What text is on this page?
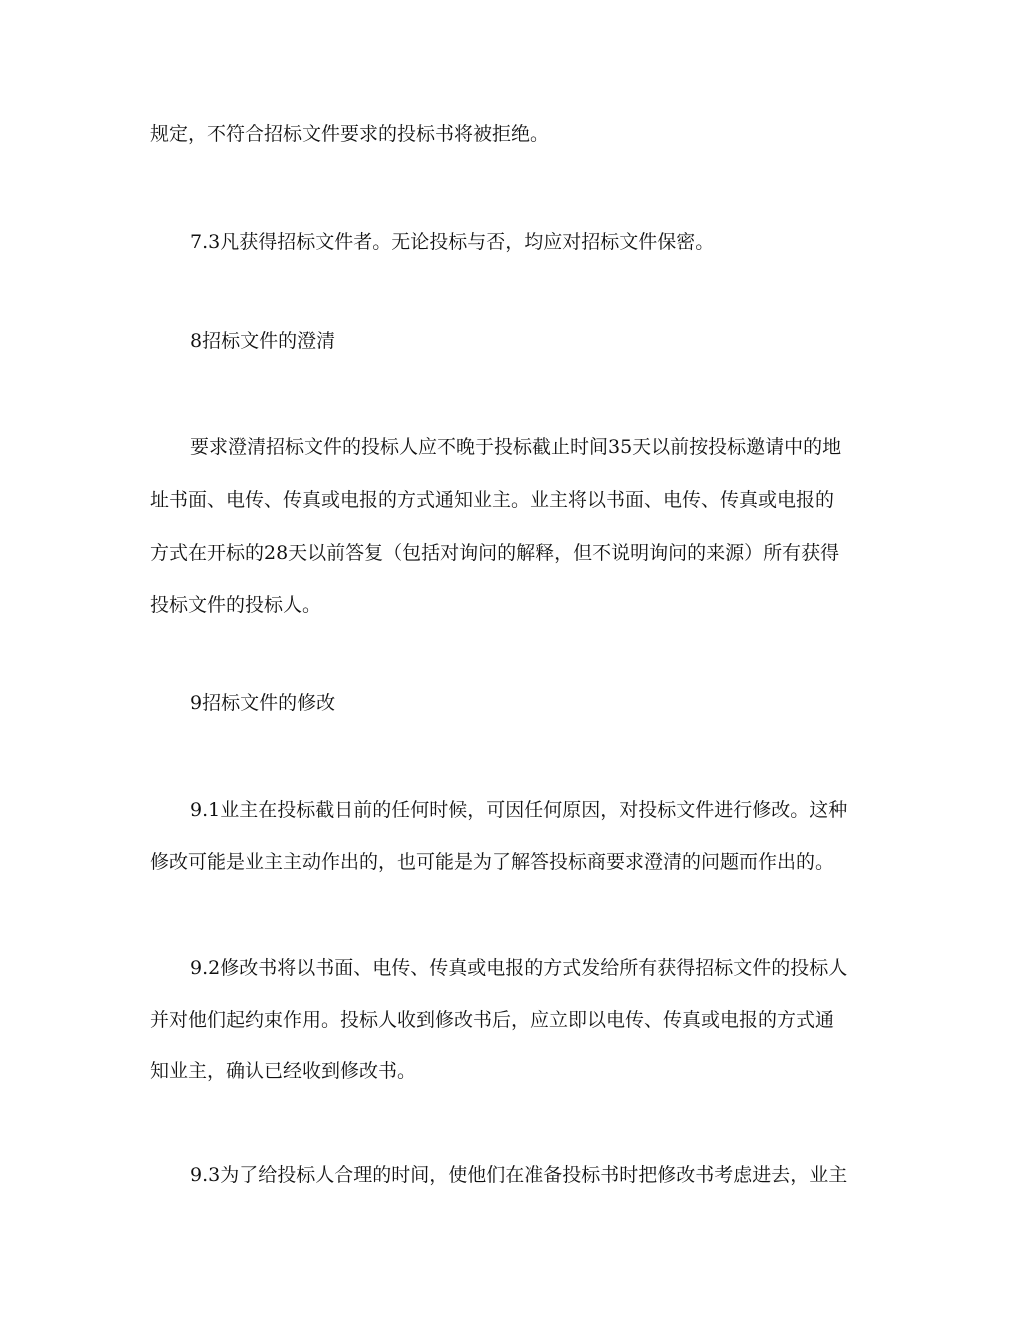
规定，不符合招标文件要求的投标书将被拒绝。
7.3凡获得招标文件者。无论投标与否，均应对招标文件保密。
8招标文件的澄清
要求澄清招标文件的投标人应不晚于投标截止时间35天以前按投标邀请中的地
址书面、电传、传真或电报的方式通知业主。业主将以书面、电传、传真或电报的
方式在开标的28天以前答复（包括对询问的解释，但不说明询问的来源）所有获得
投标文件的投标人。
9招标文件的修改
9.1业主在投标截日前的任何时候，可因任何原因，对投标文件进行修改。这种
修改可能是业主主动作出的，也可能是为了解答投标商要求澄清的问题而作出的。
9.2修改书将以书面、电传、传真或电报的方式发给所有获得招标文件的投标人
并对他们起约束作用。投标人收到修改书后，应立即以电传、传真或电报的方式通
知业主，确认已经收到修改书。
9.3为了给投标人合理的时间，使他们在准备投标书时把修改书考虑进去，业主
